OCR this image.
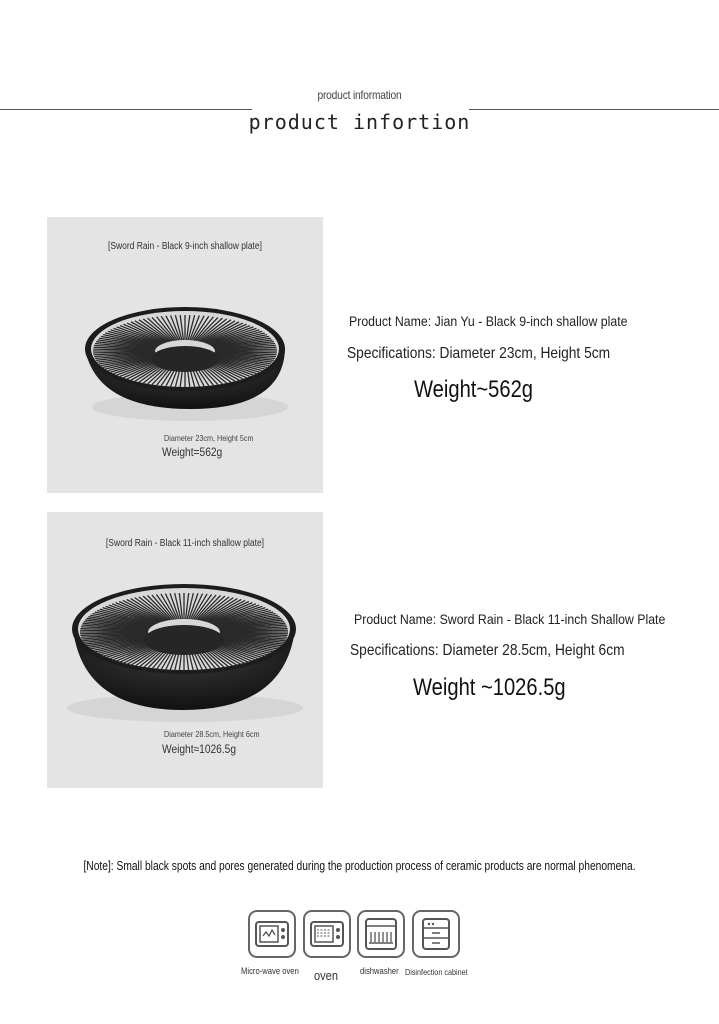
product information
product infortion
[Sword Rain - Black 9-inch shallow plate]
Diameter 23cm, Height 5cm
Weight=562g
[Sword Rain - Black 11-inch shallow plate]
Diameter 28.5cm, Height 6cm
Weight≈1026.5g
Product Name: Jian Yu - Black 9-inch shallow plate
Specifications: Diameter 23cm, Height 5cm
Weight~562g
Product Name: Sword Rain - Black 11-inch Shallow Plate
Specifications: Diameter 28.5cm, Height 6cm
Weight ~1026.5g
[Note]: Small black spots and pores generated during the production process of ceramic products are normal phenomena.
Micro-wave oven oven dishwasher Disinfection cabinet
